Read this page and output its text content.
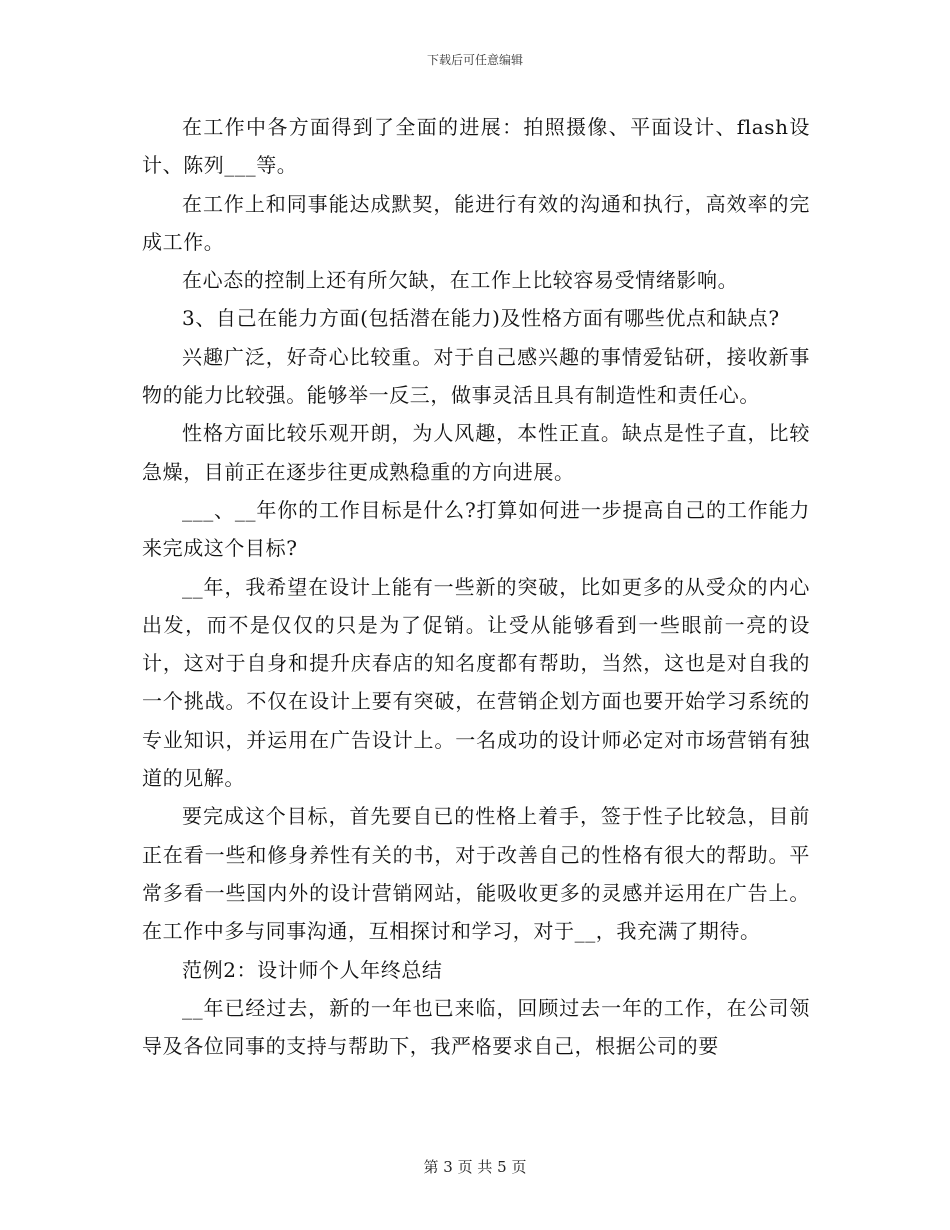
下载后可任意编辑

在工作中各方面得到了全面的进展：拍照摄像、平面设计、flash设计、陈列___等。

在工作上和同事能达成默契，能进行有效的沟通和执行，高效率的完成工作。

在心态的控制上还有所欠缺，在工作上比较容易受情绪影响。

3、自己在能力方面(包括潜在能力)及性格方面有哪些优点和缺点?

兴趣广泛，好奇心比较重。对于自己感兴趣的事情爱钻研，接收新事物的能力比较强。能够举一反三，做事灵活且具有制造性和责任心。

性格方面比较乐观开朗，为人风趣，本性正直。缺点是性子直，比较急燥，目前正在逐步往更成熟稳重的方向进展。

___、__年你的工作目标是什么?打算如何进一步提高自己的工作能力来完成这个目标?

__年，我希望在设计上能有一些新的突破，比如更多的从受众的内心出发，而不是仅仅的只是为了促销。让受从能够看到一些眼前一亮的设计，这对于自身和提升庆春店的知名度都有帮助，当然，这也是对自我的一个挑战。不仅在设计上要有突破，在营销企划方面也要开始学习系统的专业知识，并运用在广告设计上。一名成功的设计师必定对市场营销有独道的见解。

要完成这个目标，首先要自已的性格上着手，签于性子比较急，目前正在看一些和修身养性有关的书，对于改善自己的性格有很大的帮助。平常多看一些国内外的设计营销网站，能吸收更多的灵感并运用在广告上。在工作中多与同事沟通，互相探讨和学习，对于__，我充满了期待。

范例2：设计师个人年终总结

__年已经过去，新的一年也已来临，回顾过去一年的工作，在公司领导及各位同事的支持与帮助下，我严格要求自己，根据公司的要

第 3 页 共 5 页
